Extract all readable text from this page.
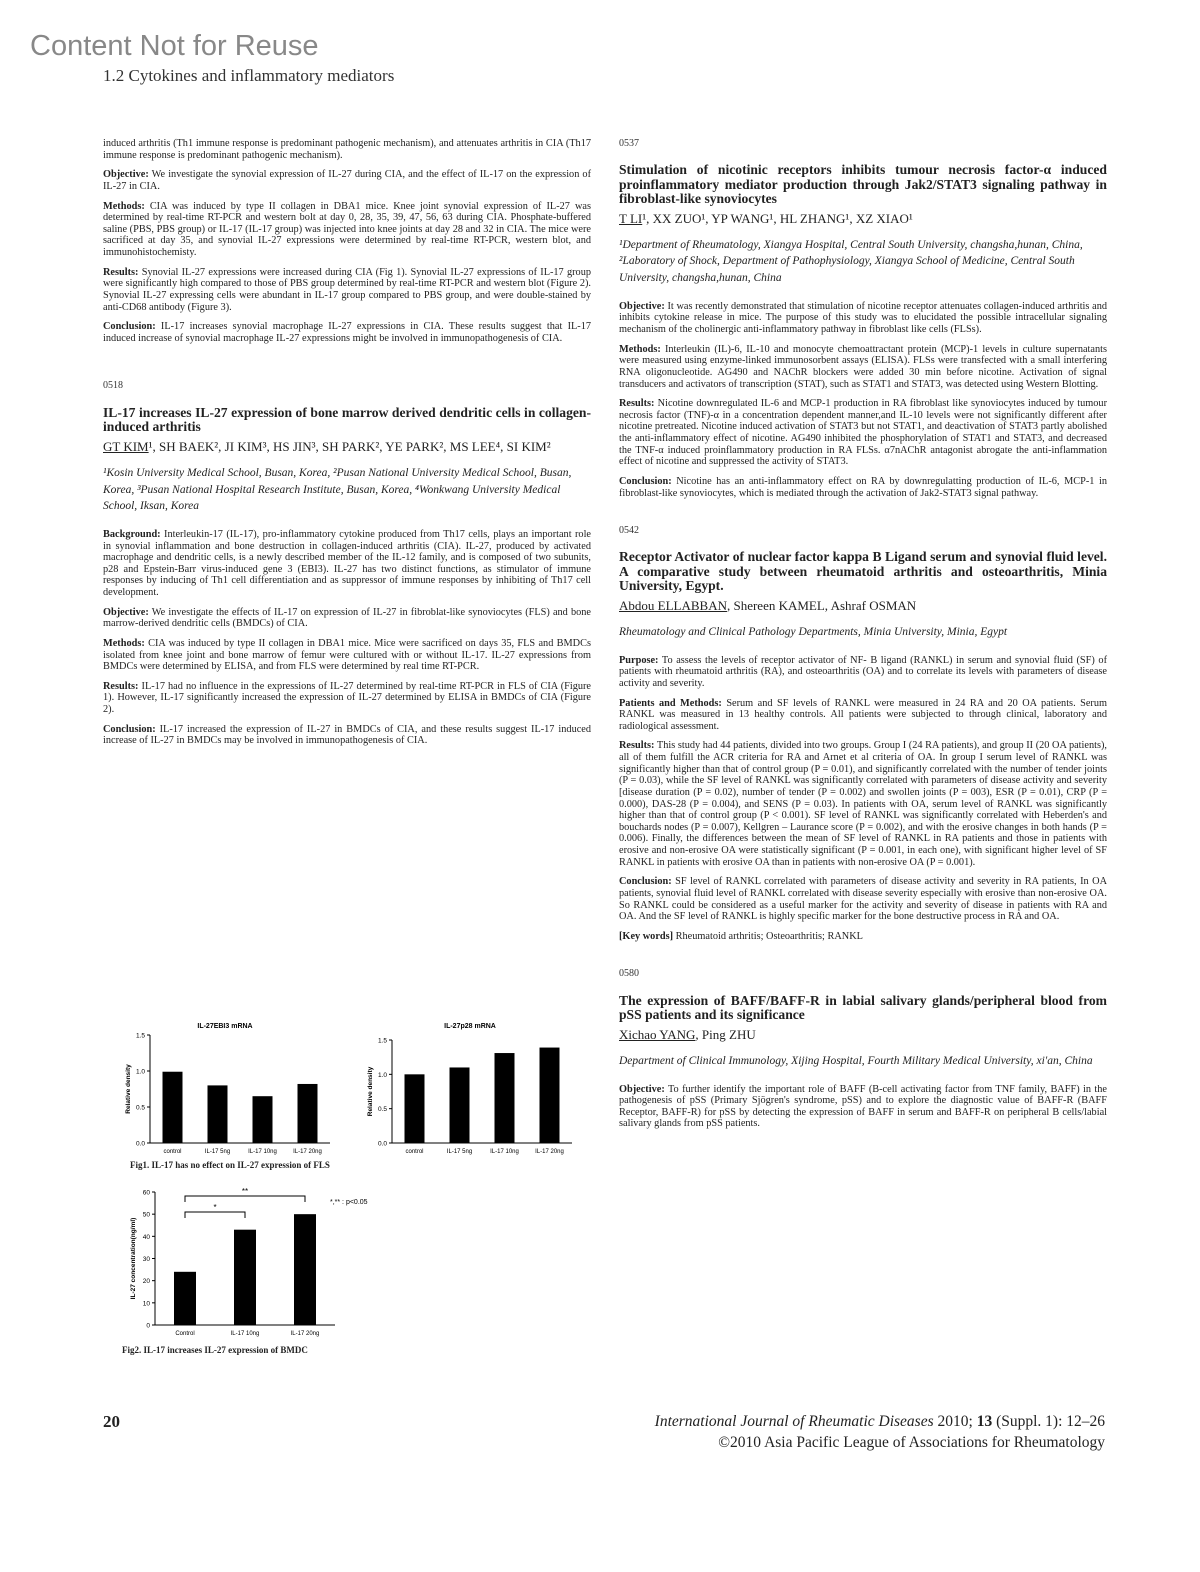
Content Not for Reuse
1.2 Cytokines and inflammatory mediators

induced arthritis (Th1 immune response is predominant pathogenic mechanism), and attenuates arthritis in CIA (Th17 immune response is predominant pathogenic mechanism).

Objective: We investigate the synovial expression of IL-27 during CIA, and the effect of IL-17 on the expression of IL-27 in CIA.

Methods: CIA was induced by type II collagen in DBA1 mice. Knee joint synovial expression of IL-27 was determined by real-time RT-PCR and western bolt at day 0, 28, 35, 39, 47, 56, 63 during CIA. Phosphate-buffered saline (PBS, PBS group) or IL-17 (IL-17 group) was injected into knee joints at day 28 and 32 in CIA. The mice were sacrificed at day 35, and synovial IL-27 expressions were determined by real-time RT-PCR, western blot, and immunohistochemisty.

Results: Synovial IL-27 expressions were increased during CIA (Fig 1). Synovial IL-27 expressions of IL-17 group were significantly high compared to those of PBS group determined by real-time RT-PCR and western blot (Figure 2). Synovial IL-27 expressing cells were abundant in IL-17 group compared to PBS group, and were double-stained by anti-CD68 antibody (Figure 3).

Conclusion: IL-17 increases synovial macrophage IL-27 expressions in CIA. These results suggest that IL-17 induced increase of synovial macrophage IL-27 expressions might be involved in immunopathogenesis of CIA.

0518

IL-17 increases IL-27 expression of bone marrow derived dendritic cells in collagen-induced arthritis

GT KIM¹, SH BAEK², JI KIM³, HS JIN³, SH PARK², YE PARK², MS LEE⁴, SI KIM²

¹Kosin University Medical School, Busan, Korea, ²Pusan National University Medical School, Busan, Korea, ³Pusan National Hospital Research Institute, Busan, Korea, ⁴Wonkwang University Medical School, Iksan, Korea

Background: Interleukin-17 (IL-17), pro-inflammatory cytokine produced from Th17 cells, plays an important role in synovial inflammation and bone destruction in collagen-induced arthritis (CIA). IL-27, produced by activated macrophage and dendritic cells, is a newly described member of the IL-12 family, and is composed of two subunits, p28 and Epstein-Barr virus-induced gene 3 (EBI3). IL-27 has two distinct functions, as stimulator of immune responses by inducing of Th1 cell differentiation and as suppressor of immune responses by inhibiting of Th17 cell development.

Objective: We investigate the effects of IL-17 on expression of IL-27 in fibroblat-like synoviocytes (FLS) and bone marrow-derived dendritic cells (BMDCs) of CIA.

Methods: CIA was induced by type II collagen in DBA1 mice. Mice were sacrificed on days 35, FLS and BMDCs isolated from knee joint and bone marrow of femur were cultured with or without IL-17. IL-27 expressions from BMDCs were determined by ELISA, and from FLS were determined by real time RT-PCR.

Results: IL-17 had no influence in the expressions of IL-27 determined by real-time RT-PCR in FLS of CIA (Figure 1). However, IL-17 significantly increased the expression of IL-27 determined by ELISA in BMDCs of CIA (Figure 2).

Conclusion: IL-17 increased the expression of IL-27 in BMDCs of CIA, and these results suggest IL-17 induced increase of IL-27 in BMDCs may be involved in immunopathogenesis of CIA.

0.0
0.5
1.0
1.5
Relative density
IL-27EBI3 mRNA
control	IL-17 5ng	IL-17 10ng	IL-17 20ng
0.0
0.5
1.0
1.5
Relative density
IL-27p28 mRNA
control	IL-17 5ng	IL-17 10ng	IL-17 20ng
0
10
20
30
40
50
60
IL-27 concentration(ng/ml)
Control	IL-17 10ng	IL-17 20ng
*
**
*,** : p<0.05
Fig1. IL-17 has no effect on IL-27 expression of FLS
Fig2. IL-17 increases IL-27 expression of BMDC

0537

Stimulation of nicotinic receptors inhibits tumour necrosis factor-α induced proinflammatory mediator production through Jak2/STAT3 signaling pathway in fibroblast-like synoviocytes

T LI¹, XX ZUO¹, YP WANG¹, HL ZHANG¹, XZ XIAO¹

¹Department of Rheumatology, Xiangya Hospital, Central South University, changsha,hunan, China, ²Laboratory of Shock, Department of Pathophysiology, Xiangya School of Medicine, Central South University, changsha,hunan, China

Objective: It was recently demonstrated that stimulation of nicotine receptor attenuates collagen-induced arthritis and inhibits cytokine release in mice. The purpose of this study was to elucidated the possible intracellular signaling mechanism of the cholinergic anti-inflammatory pathway in fibroblast like cells (FLSs).

Methods: Interleukin (IL)-6, IL-10 and monocyte chemoattractant protein (MCP)-1 levels in culture supernatants were measured using enzyme-linked immunosorbent assays (ELISA). FLSs were transfected with a small interfering RNA oligonucleotide. AG490 and NAChR blockers were added 30 min before nicotine. Activation of signal transducers and activators of transcription (STAT), such as STAT1 and STAT3, was detected using Western Blotting.

Results: Nicotine downregulated IL-6 and MCP-1 production in RA fibroblast like synoviocytes induced by tumour necrosis factor (TNF)-α in a concentration dependent manner,and IL-10 levels were not significantly different after nicotine pretreated. Nicotine induced activation of STAT3 but not STAT1, and deactivation of STAT3 partly abolished the anti-inflammatory effect of nicotine. AG490 inhibited the phosphorylation of STAT1 and STAT3, and decreased the TNF-α induced proinflammatory production in RA FLSs. α7nAChR antagonist abrogate the anti-inflammation effect of nicotine and suppressed the activity of STAT3.

Conclusion: Nicotine has an anti-inflammatory effect on RA by downregulatting production of IL-6, MCP-1 in fibroblast-like synoviocytes, which is mediated through the activation of Jak2-STAT3 signal pathway.

0542

Receptor Activator of nuclear factor kappa B Ligand serum and synovial fluid level. A comparative study between rheumatoid arthritis and osteoarthritis, Minia University, Egypt.

Abdou ELLABBAN, Shereen KAMEL, Ashraf OSMAN

Rheumatology and Clinical Pathology Departments, Minia University, Minia, Egypt

Purpose: To assess the levels of receptor activator of NF- B ligand (RANKL) in serum and synovial fluid (SF) of patients with rheumatoid arthritis (RA), and osteoarthritis (OA) and to correlate its levels with parameters of disease activity and severity.

Patients and Methods: Serum and SF levels of RANKL were measured in 24 RA and 20 OA patients. Serum RANKL was measured in 13 healthy controls. All patients were subjected to through clinical, laboratory and radiological assessment.

Results: This study had 44 patients, divided into two groups. Group I (24 RA patients), and group II (20 OA patients), all of them fulfill the ACR criteria for RA and Arnet et al criteria of OA. In group I serum level of RANKL was significantly higher than that of control group (P = 0.01), and significantly correlated with the number of tender joints (P = 0.03), while the SF level of RANKL was significantly correlated with parameters of disease activity and severity [disease duration (P = 0.02), number of tender (P = 0.002) and swollen joints (P = 003), ESR (P = 0.01), CRP (P = 0.000), DAS-28 (P = 0.004), and SENS (P = 0.03). In patients with OA, serum level of RANKL was significantly higher than that of control group (P < 0.001). SF level of RANKL was significantly correlated with Heberden's and bouchards nodes (P = 0.007), Kellgren – Laurance score (P = 0.002), and with the erosive changes in both hands (P = 0.006). Finally, the differences between the mean of SF level of RANKL in RA patients and those in patients with erosive and non-erosive OA were statistically significant (P = 0.001, in each one), with significant higher level of SF RANKL in patients with erosive OA than in patients with non-erosive OA (P = 0.001).

Conclusion: SF level of RANKL correlated with parameters of disease activity and severity in RA patients, In OA patients, synovial fluid level of RANKL correlated with disease severity especially with erosive than non-erosive OA. So RANKL could be considered as a useful marker for the activity and severity of disease in patients with RA and OA. And the SF level of RANKL is highly specific marker for the bone destructive process in RA and OA.

[Key words] Rheumatoid arthritis; Osteoarthritis; RANKL

0580

The expression of BAFF/BAFF-R in labial salivary glands/peripheral blood from pSS patients and its significance

Xichao YANG, Ping ZHU

Department of Clinical Immunology, Xijing Hospital, Fourth Military Medical University, xi'an, China

Objective: To further identify the important role of BAFF (B-cell activating factor from TNF family, BAFF) in the pathogenesis of pSS (Primary Sjögren's syndrome, pSS) and to explore the diagnostic value of BAFF-R (BAFF Receptor, BAFF-R) for pSS by detecting the expression of BAFF in serum and BAFF-R on peripheral B cells/labial salivary glands from pSS patients.

20	International Journal of Rheumatic Diseases 2010; 13 (Suppl. 1): 12–26
©2010 Asia Pacific League of Associations for Rheumatology
